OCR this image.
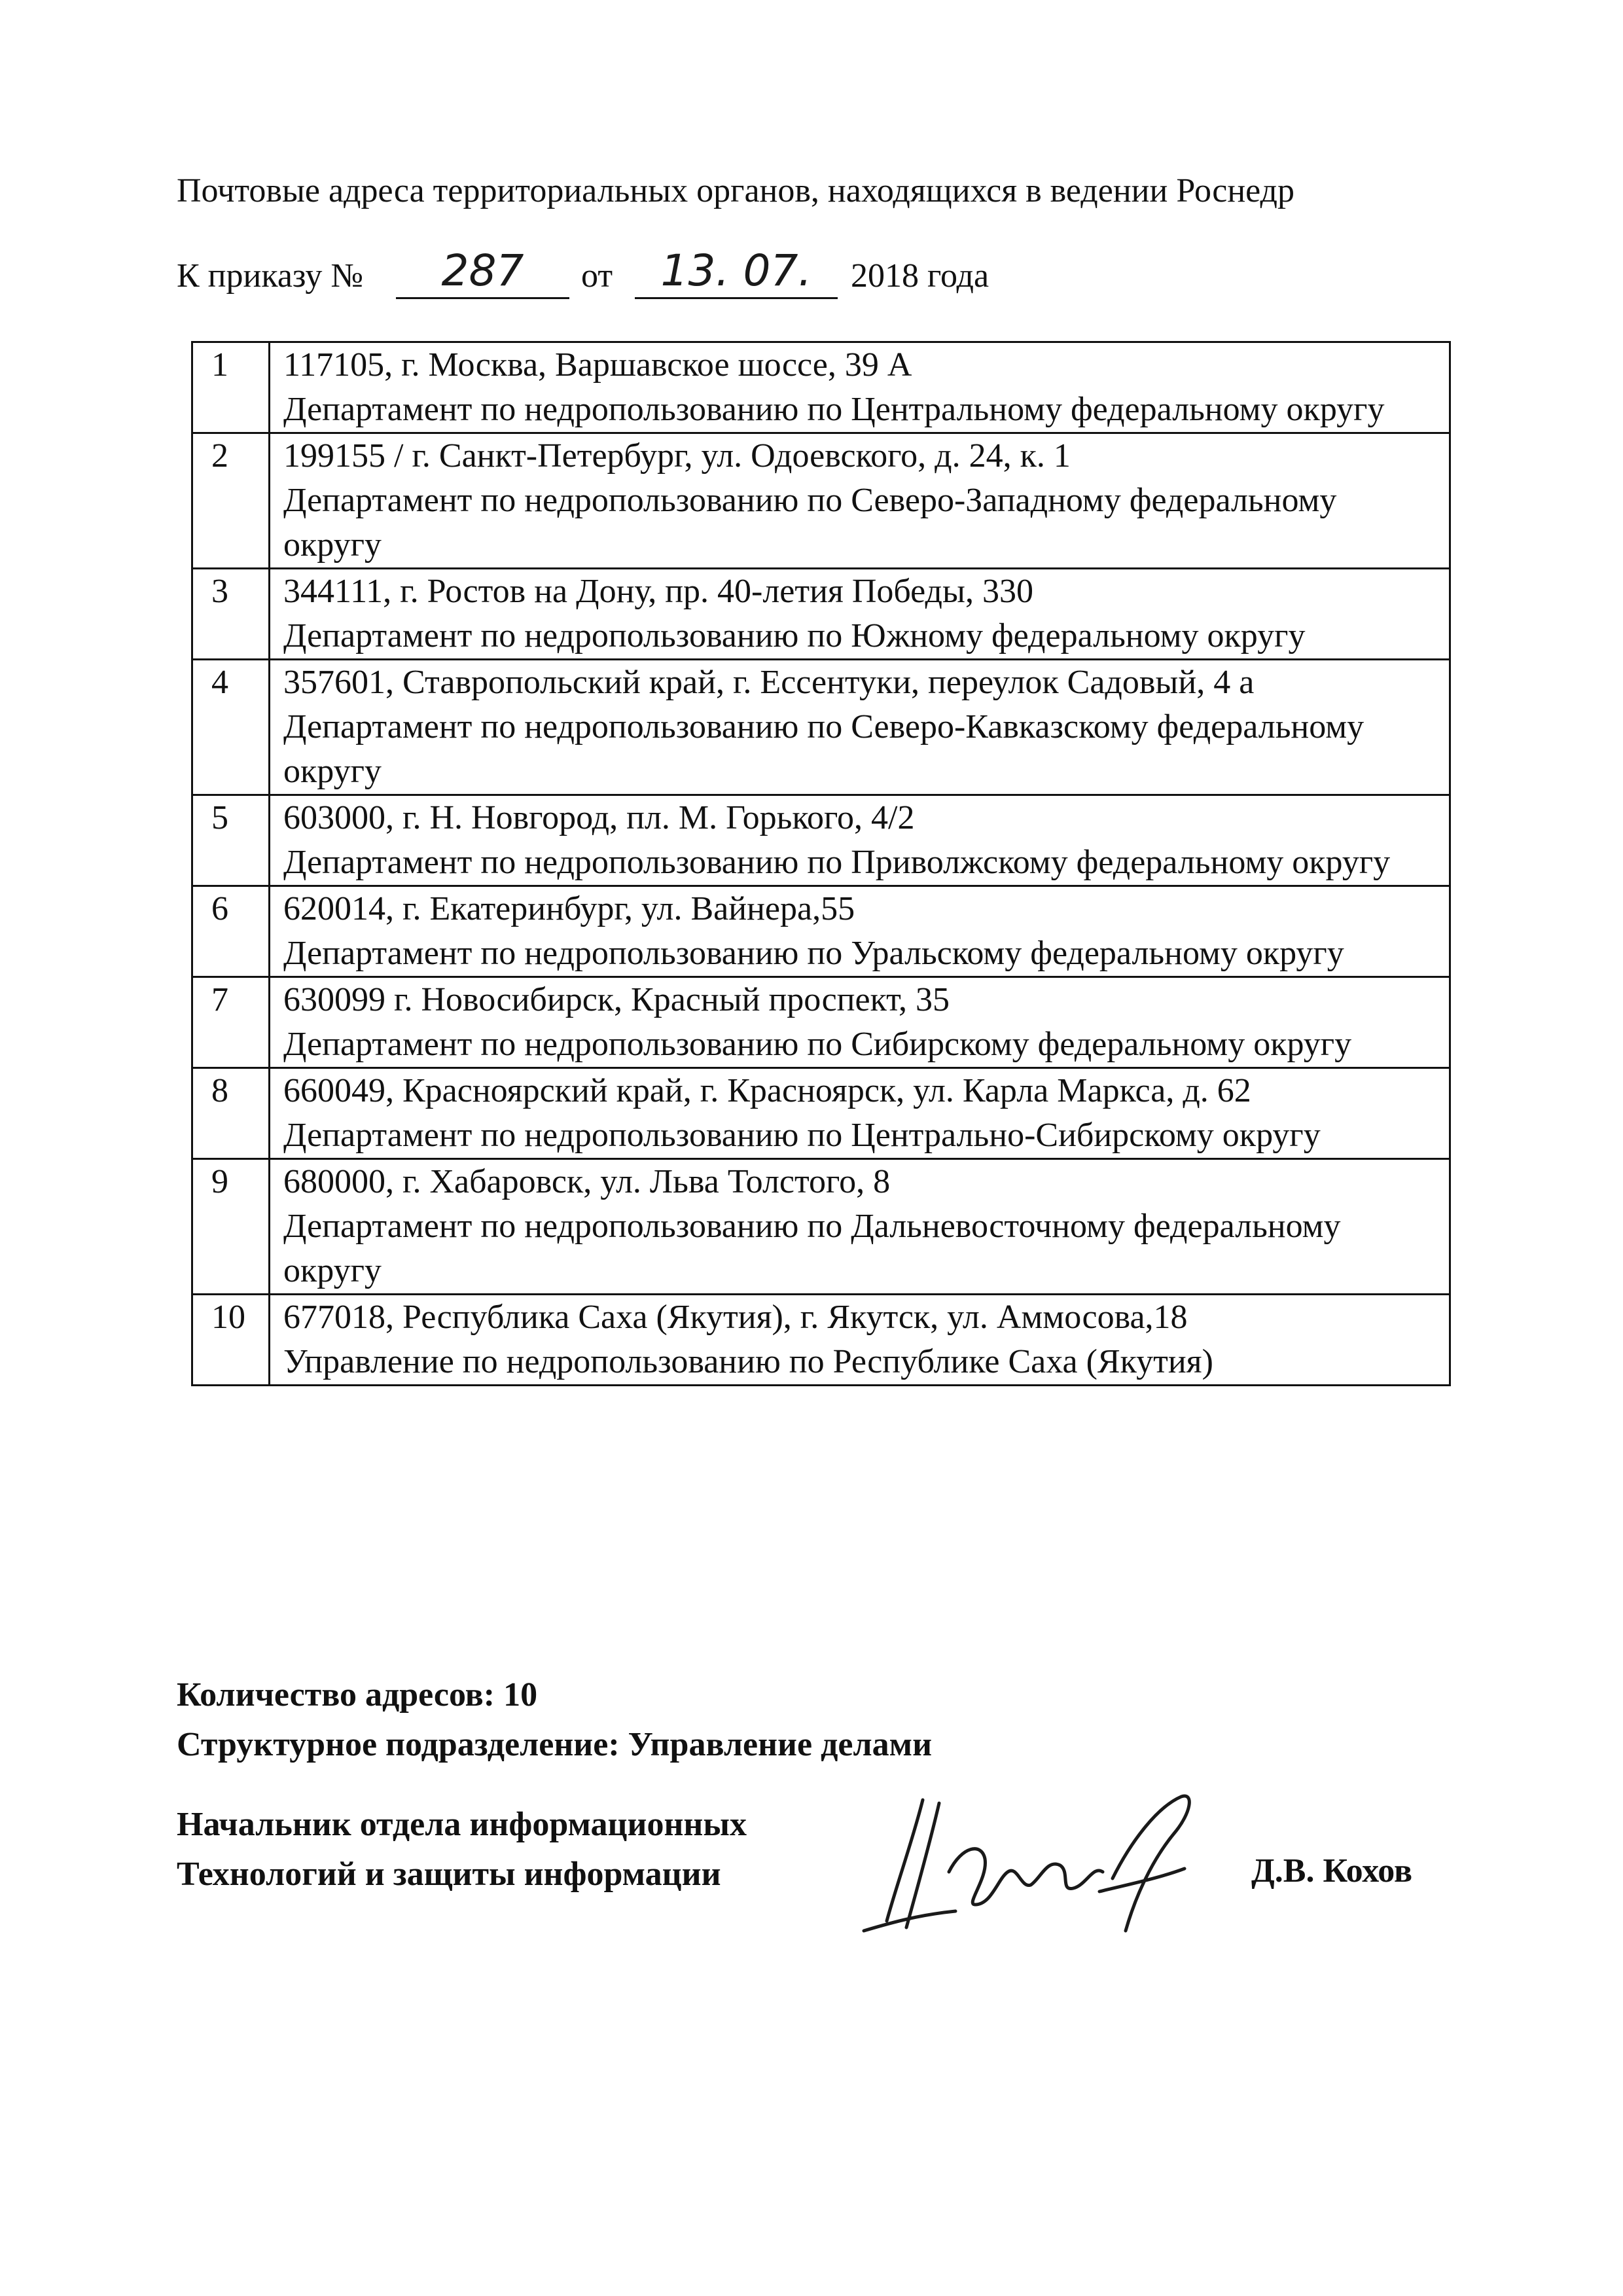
Почтовые адреса территориальных органов, находящихся в ведении Роснедр
К приказу №	287	от	13. 07.	2018 года
1	117105, г. Москва, Варшавское шоссе, 39 А
Департамент по недропользованию по Центральному федеральному округу

2	199155 / г. Санкт-Петербург, ул. Одоевского, д. 24, к. 1
Департамент по недропользованию по Северо-Западному федеральному округу

3	344111, г. Ростов на Дону, пр. 40-летия Победы, 330
Департамент по недропользованию по Южному федеральному округу

4	357601, Ставропольский край, г. Ессентуки, переулок Садовый, 4 а
Департамент по недропользованию по Северо-Кавказскому федеральному округу

5	603000, г. Н. Новгород, пл. М. Горького, 4/2
Департамент по недропользованию по Приволжскому федеральному округу

6	620014, г. Екатеринбург, ул. Вайнера,55
Департамент по недропользованию по Уральскому федеральному округу

7	630099 г. Новосибирск, Красный проспект, 35
Департамент по недропользованию по Сибирскому федеральному округу

8	660049, Красноярский край, г. Красноярск, ул. Карла Маркса, д. 62
Департамент по недропользованию по Центрально-Сибирскому округу

9	680000, г. Хабаровск, ул. Льва Толстого, 8
Департамент по недропользованию по Дальневосточному федеральному округу

10	677018, Республика Саха (Якутия), г. Якутск, ул. Аммосова,18
Управление по недропользованию по Республике Саха (Якутия)
Количество адресов: 10
Структурное подразделение: Управление делами
Начальник отдела информационных
Технологий и защиты информации	Д.В. Кохов
